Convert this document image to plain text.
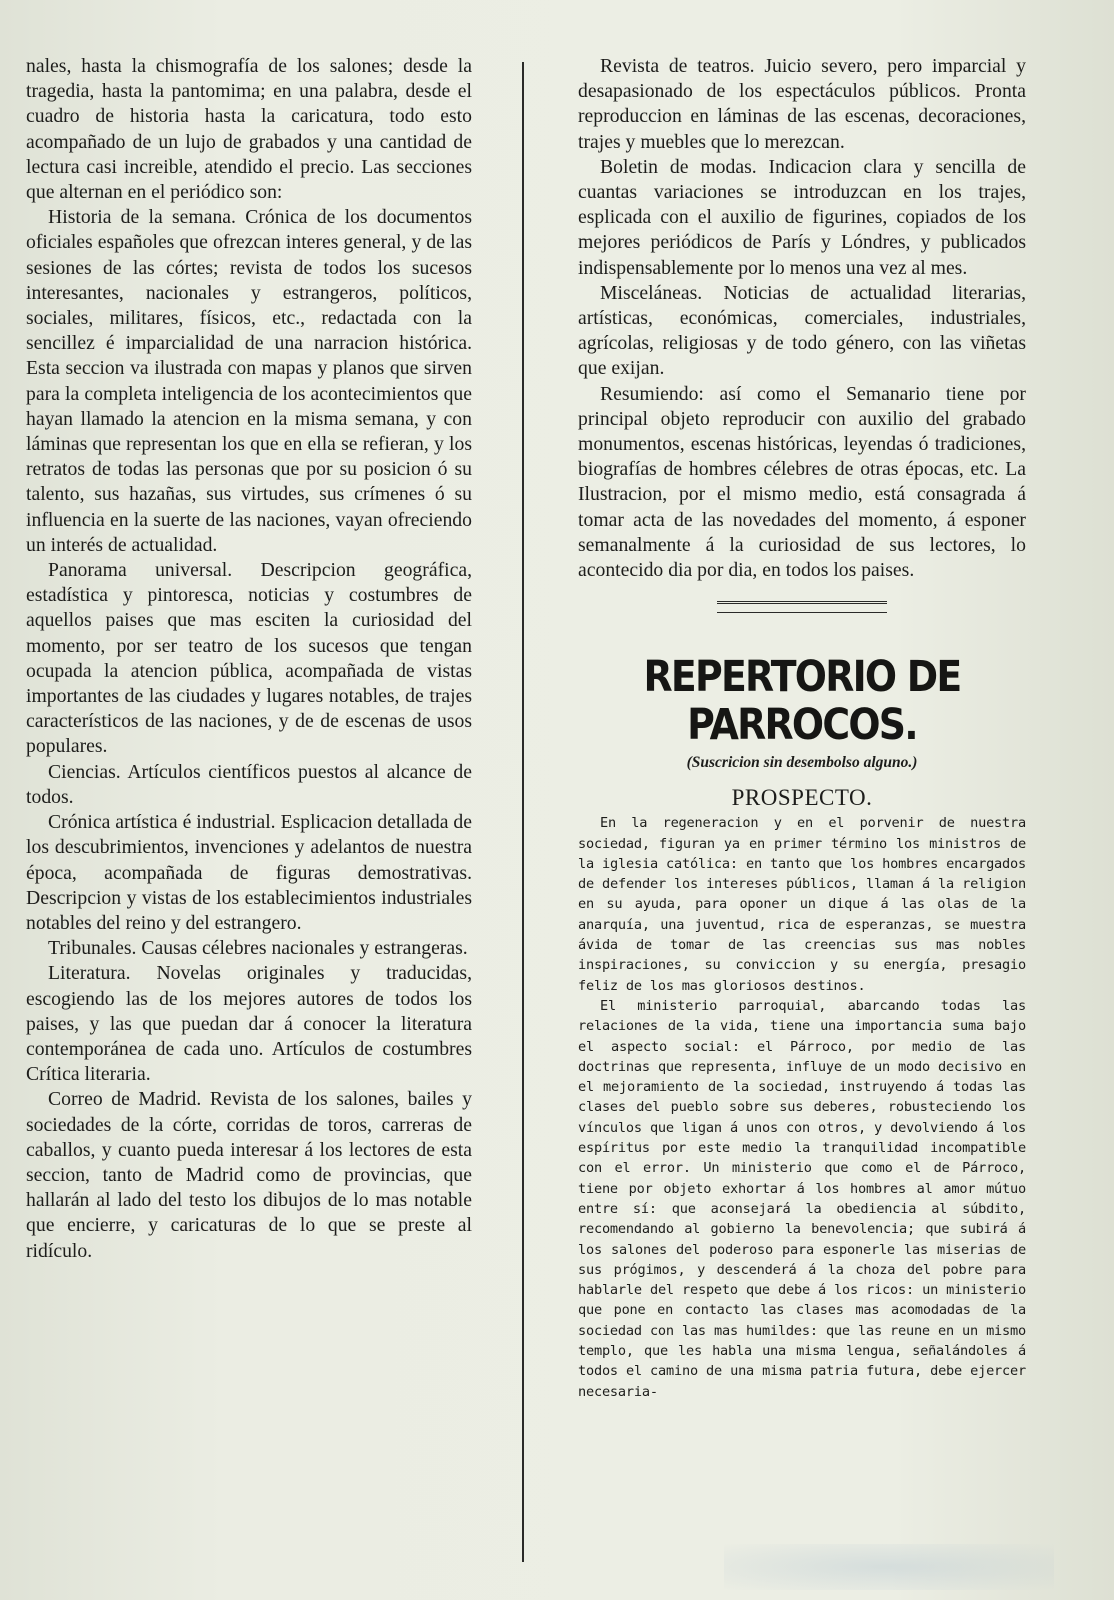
nales, hasta la chismografía de los salones; desde la tragedia, hasta la pantomima; en una palabra, desde el cuadro de historia hasta la caricatura, todo esto acompañado de un lujo de grabados y una cantidad de lectura casi increible, atendido el precio. Las secciones que alternan en el periódico son:

Historia de la semana. Crónica de los documentos oficiales españoles que ofrezcan interes general, y de las sesiones de las córtes; revista de todos los sucesos interesantes, nacionales y estrangeros, políticos, sociales, militares, físicos, etc., redactada con la sencillez é imparcialidad de una narracion histórica. Esta seccion va ilustrada con mapas y planos que sirven para la completa inteligencia de los acontecimientos que hayan llamado la atencion en la misma semana, y con láminas que representan los que en ella se refieran, y los retratos de todas las personas que por su posicion ó su talento, sus hazañas, sus virtudes, sus crímenes ó su influencia en la suerte de las naciones, vayan ofreciendo un interés de actualidad.

Panorama universal. Descripcion geográfica, estadística y pintoresca, noticias y costumbres de aquellos paises que mas esciten la curiosidad del momento, por ser teatro de los sucesos que tengan ocupada la atencion pública, acompañada de vistas importantes de las ciudades y lugares notables, de trajes característicos de las naciones, y de de escenas de usos populares.

Ciencias. Artículos científicos puestos al alcance de todos.

Crónica artística é industrial. Esplicacion detallada de los descubrimientos, invenciones y adelantos de nuestra época, acompañada de figuras demostrativas. Descripcion y vistas de los establecimientos industriales notables del reino y del estrangero.

Tribunales. Causas célebres nacionales y estrangeras.

Literatura. Novelas originales y traducidas, escogiendo las de los mejores autores de todos los paises, y las que puedan dar á conocer la literatura contemporánea de cada uno. Artículos de costumbres Crítica literaria.

Correo de Madrid. Revista de los salones, bailes y sociedades de la córte, corridas de toros, carreras de caballos, y cuanto pueda interesar á los lectores de esta seccion, tanto de Madrid como de provincias, que hallarán al lado del testo los dibujos de lo mas notable que encierre, y caricaturas de lo que se preste al ridículo.

Revista de teatros. Juicio severo, pero imparcial y desapasionado de los espectáculos públicos. Pronta reproduccion en láminas de las escenas, decoraciones, trajes y muebles que lo merezcan.

Boletin de modas. Indicacion clara y sencilla de cuantas variaciones se introduzcan en los trajes, esplicada con el auxilio de figurines, copiados de los mejores periódicos de París y Lóndres, y publicados indispensablemente por lo menos una vez al mes.

Misceláneas. Noticias de actualidad literarias, artísticas, económicas, comerciales, industriales, agrícolas, religiosas y de todo género, con las viñetas que exijan.

Resumiendo: así como el Semanario tiene por principal objeto reproducir con auxilio del grabado monumentos, escenas históricas, leyendas ó tradiciones, biografías de hombres célebres de otras épocas, etc. La Ilustracion, por el mismo medio, está consagrada á tomar acta de las novedades del momento, á esponer semanalmente á la curiosidad de sus lectores, lo acontecido dia por dia, en todos los paises.

REPERTORIO DE PARROCOS.
(Suscricion sin desembolso alguno.)
PROSPECTO.

En la regeneracion y en el porvenir de nuestra sociedad, figuran ya en primer término los ministros de la iglesia católica: en tanto que los hombres encargados de defender los intereses públicos, llaman á la religion en su ayuda, para oponer un dique á las olas de la anarquía, una juventud, rica de esperanzas, se muestra ávida de tomar de las creencias sus mas nobles inspiraciones, su conviccion y su energía, presagio feliz de los mas gloriosos destinos.

El ministerio parroquial, abarcando todas las relaciones de la vida, tiene una importancia suma bajo el aspecto social: el Párroco, por medio de las doctrinas que representa, influye de un modo decisivo en el mejoramiento de la sociedad, instruyendo á todas las clases del pueblo sobre sus deberes, robusteciendo los vínculos que ligan á unos con otros, y devolviendo á los espíritus por este medio la tranquilidad incompatible con el error. Un ministerio que como el de Párroco, tiene por objeto exhortar á los hombres al amor mútuo entre sí: que aconsejará la obediencia al súbdito, recomendando al gobierno la benevolencia; que subirá á los salones del poderoso para esponerle las miserias de sus prógimos, y descenderá á la choza del pobre para hablarle del respeto que debe á los ricos: un ministerio que pone en contacto las clases mas acomodadas de la sociedad con las mas humildes: que las reune en un mismo templo, que les habla una misma lengua, señalándoles á todos el camino de una misma patria futura, debe ejercer necesaria-
